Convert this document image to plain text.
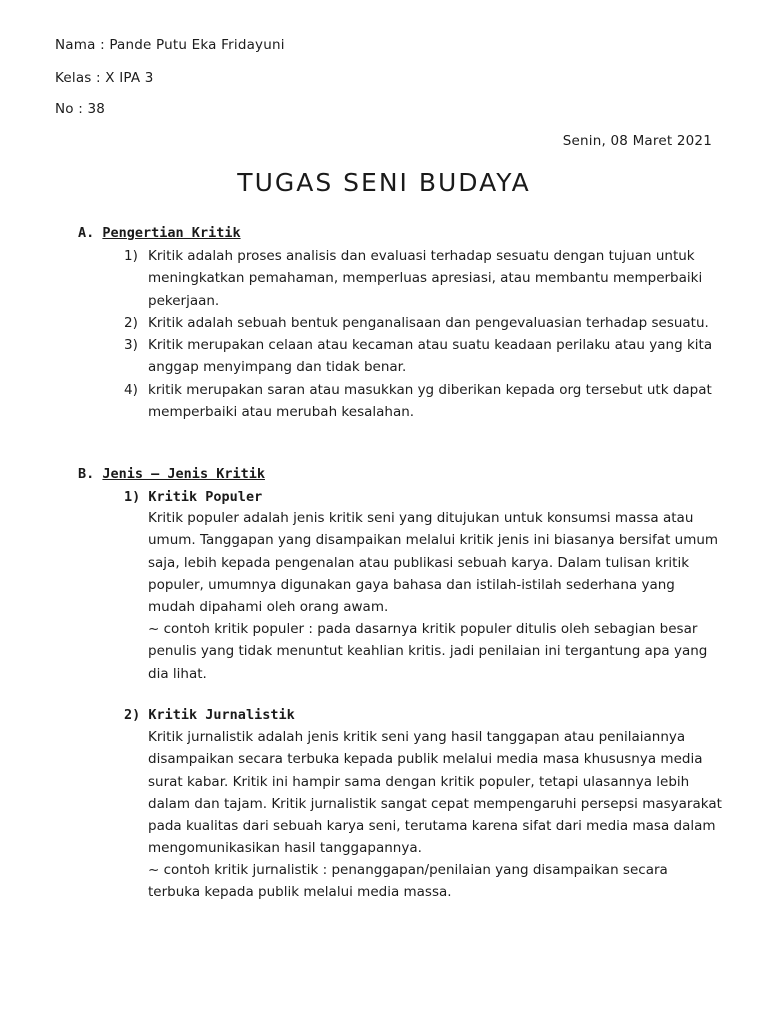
Nama : Pande Putu Eka Fridayuni
Kelas : X IPA 3
No : 38
Senin, 08 Maret 2021
TUGAS SENI BUDAYA
A. Pengertian Kritik
1) Kritik adalah proses analisis dan evaluasi terhadap sesuatu dengan tujuan untuk meningkatkan pemahaman, memperluas apresiasi, atau membantu memperbaiki pekerjaan.
2) Kritik adalah sebuah bentuk penganalisaan dan pengevaluasian terhadap sesuatu.
3) Kritik merupakan celaan atau kecaman atau suatu keadaan perilaku atau yang kita anggap menyimpang dan tidak benar.
4) kritik merupakan saran atau masukkan yg diberikan kepada org tersebut utk dapat memperbaiki atau merubah kesalahan.
B. Jenis – Jenis Kritik
1) Kritik Populer

Kritik populer adalah jenis kritik seni yang ditujukan untuk konsumsi massa atau umum. Tanggapan yang disampaikan melalui kritik jenis ini biasanya bersifat umum saja, lebih kepada pengenalan atau publikasi sebuah karya. Dalam tulisan kritik populer, umumnya digunakan gaya bahasa dan istilah-istilah sederhana yang mudah dipahami oleh orang awam.

~ contoh kritik populer : pada dasarnya kritik populer ditulis oleh sebagian besar penulis yang tidak menuntut keahlian kritis. jadi penilaian ini tergantung apa yang dia lihat.

2) Kritik Jurnalistik

Kritik jurnalistik adalah jenis kritik seni yang hasil tanggapan atau penilaiannya disampaikan secara terbuka kepada publik melalui media masa khususnya media surat kabar. Kritik ini hampir sama dengan kritik populer, tetapi ulasannya lebih dalam dan tajam. Kritik jurnalistik sangat cepat mempengaruhi persepsi masyarakat pada kualitas dari sebuah karya seni, terutama karena sifat dari media masa dalam mengomunikasikan hasil tanggapannya.

~ contoh kritik jurnalistik : penanggapan/penilaian yang disampaikan secara terbuka kepada publik melalui media massa.
